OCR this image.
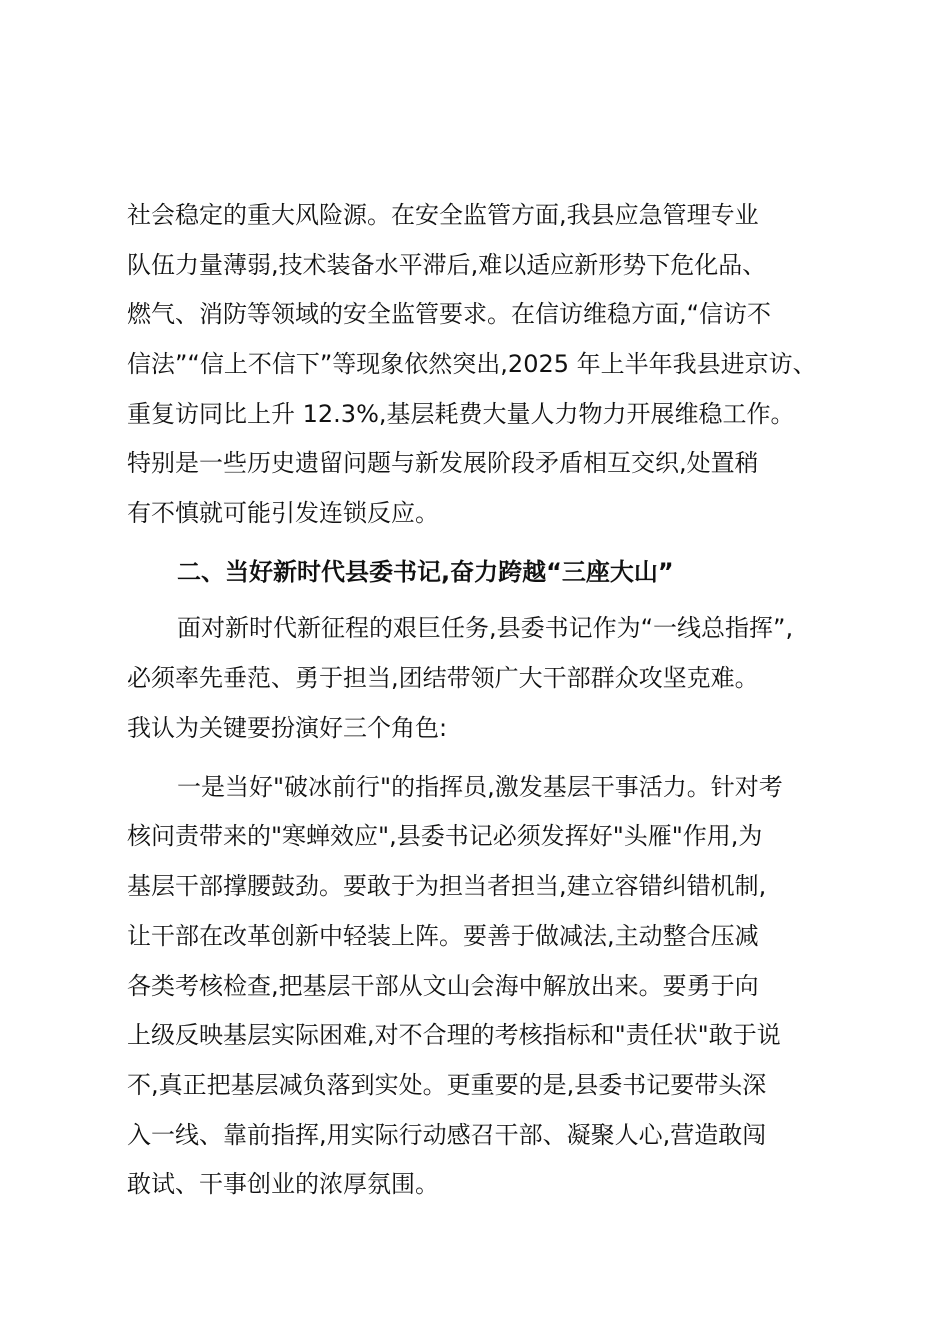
社会稳定的重大风险源。在安全监管方面,我县应急管理专业
队伍力量薄弱,技术装备水平滞后,难以适应新形势下危化品、
燃气、消防等领域的安全监管要求。在信访维稳方面,“信访不
信法”“信上不信下”等现象依然突出,2025 年上半年我县进京访、
重复访同比上升 12.3%,基层耗费大量人力物力开展维稳工作。
特别是一些历史遗留问题与新发展阶段矛盾相互交织,处置稍
有不慎就可能引发连锁反应。
二、当好新时代县委书记,奋力跨越“三座大山”
面对新时代新征程的艰巨任务,县委书记作为“一线总指挥”,
必须率先垂范、勇于担当,团结带领广大干部群众攻坚克难。
我认为关键要扮演好三个角色:
一是当好"破冰前行"的指挥员,激发基层干事活力。针对考
核问责带来的"寒蝉效应",县委书记必须发挥好"头雁"作用,为
基层干部撑腰鼓劲。要敢于为担当者担当,建立容错纠错机制,
让干部在改革创新中轻装上阵。要善于做减法,主动整合压减
各类考核检查,把基层干部从文山会海中解放出来。要勇于向
上级反映基层实际困难,对不合理的考核指标和"责任状"敢于说
不,真正把基层减负落到实处。更重要的是,县委书记要带头深
入一线、靠前指挥,用实际行动感召干部、凝聚人心,营造敢闯
敢试、干事创业的浓厚氛围。
